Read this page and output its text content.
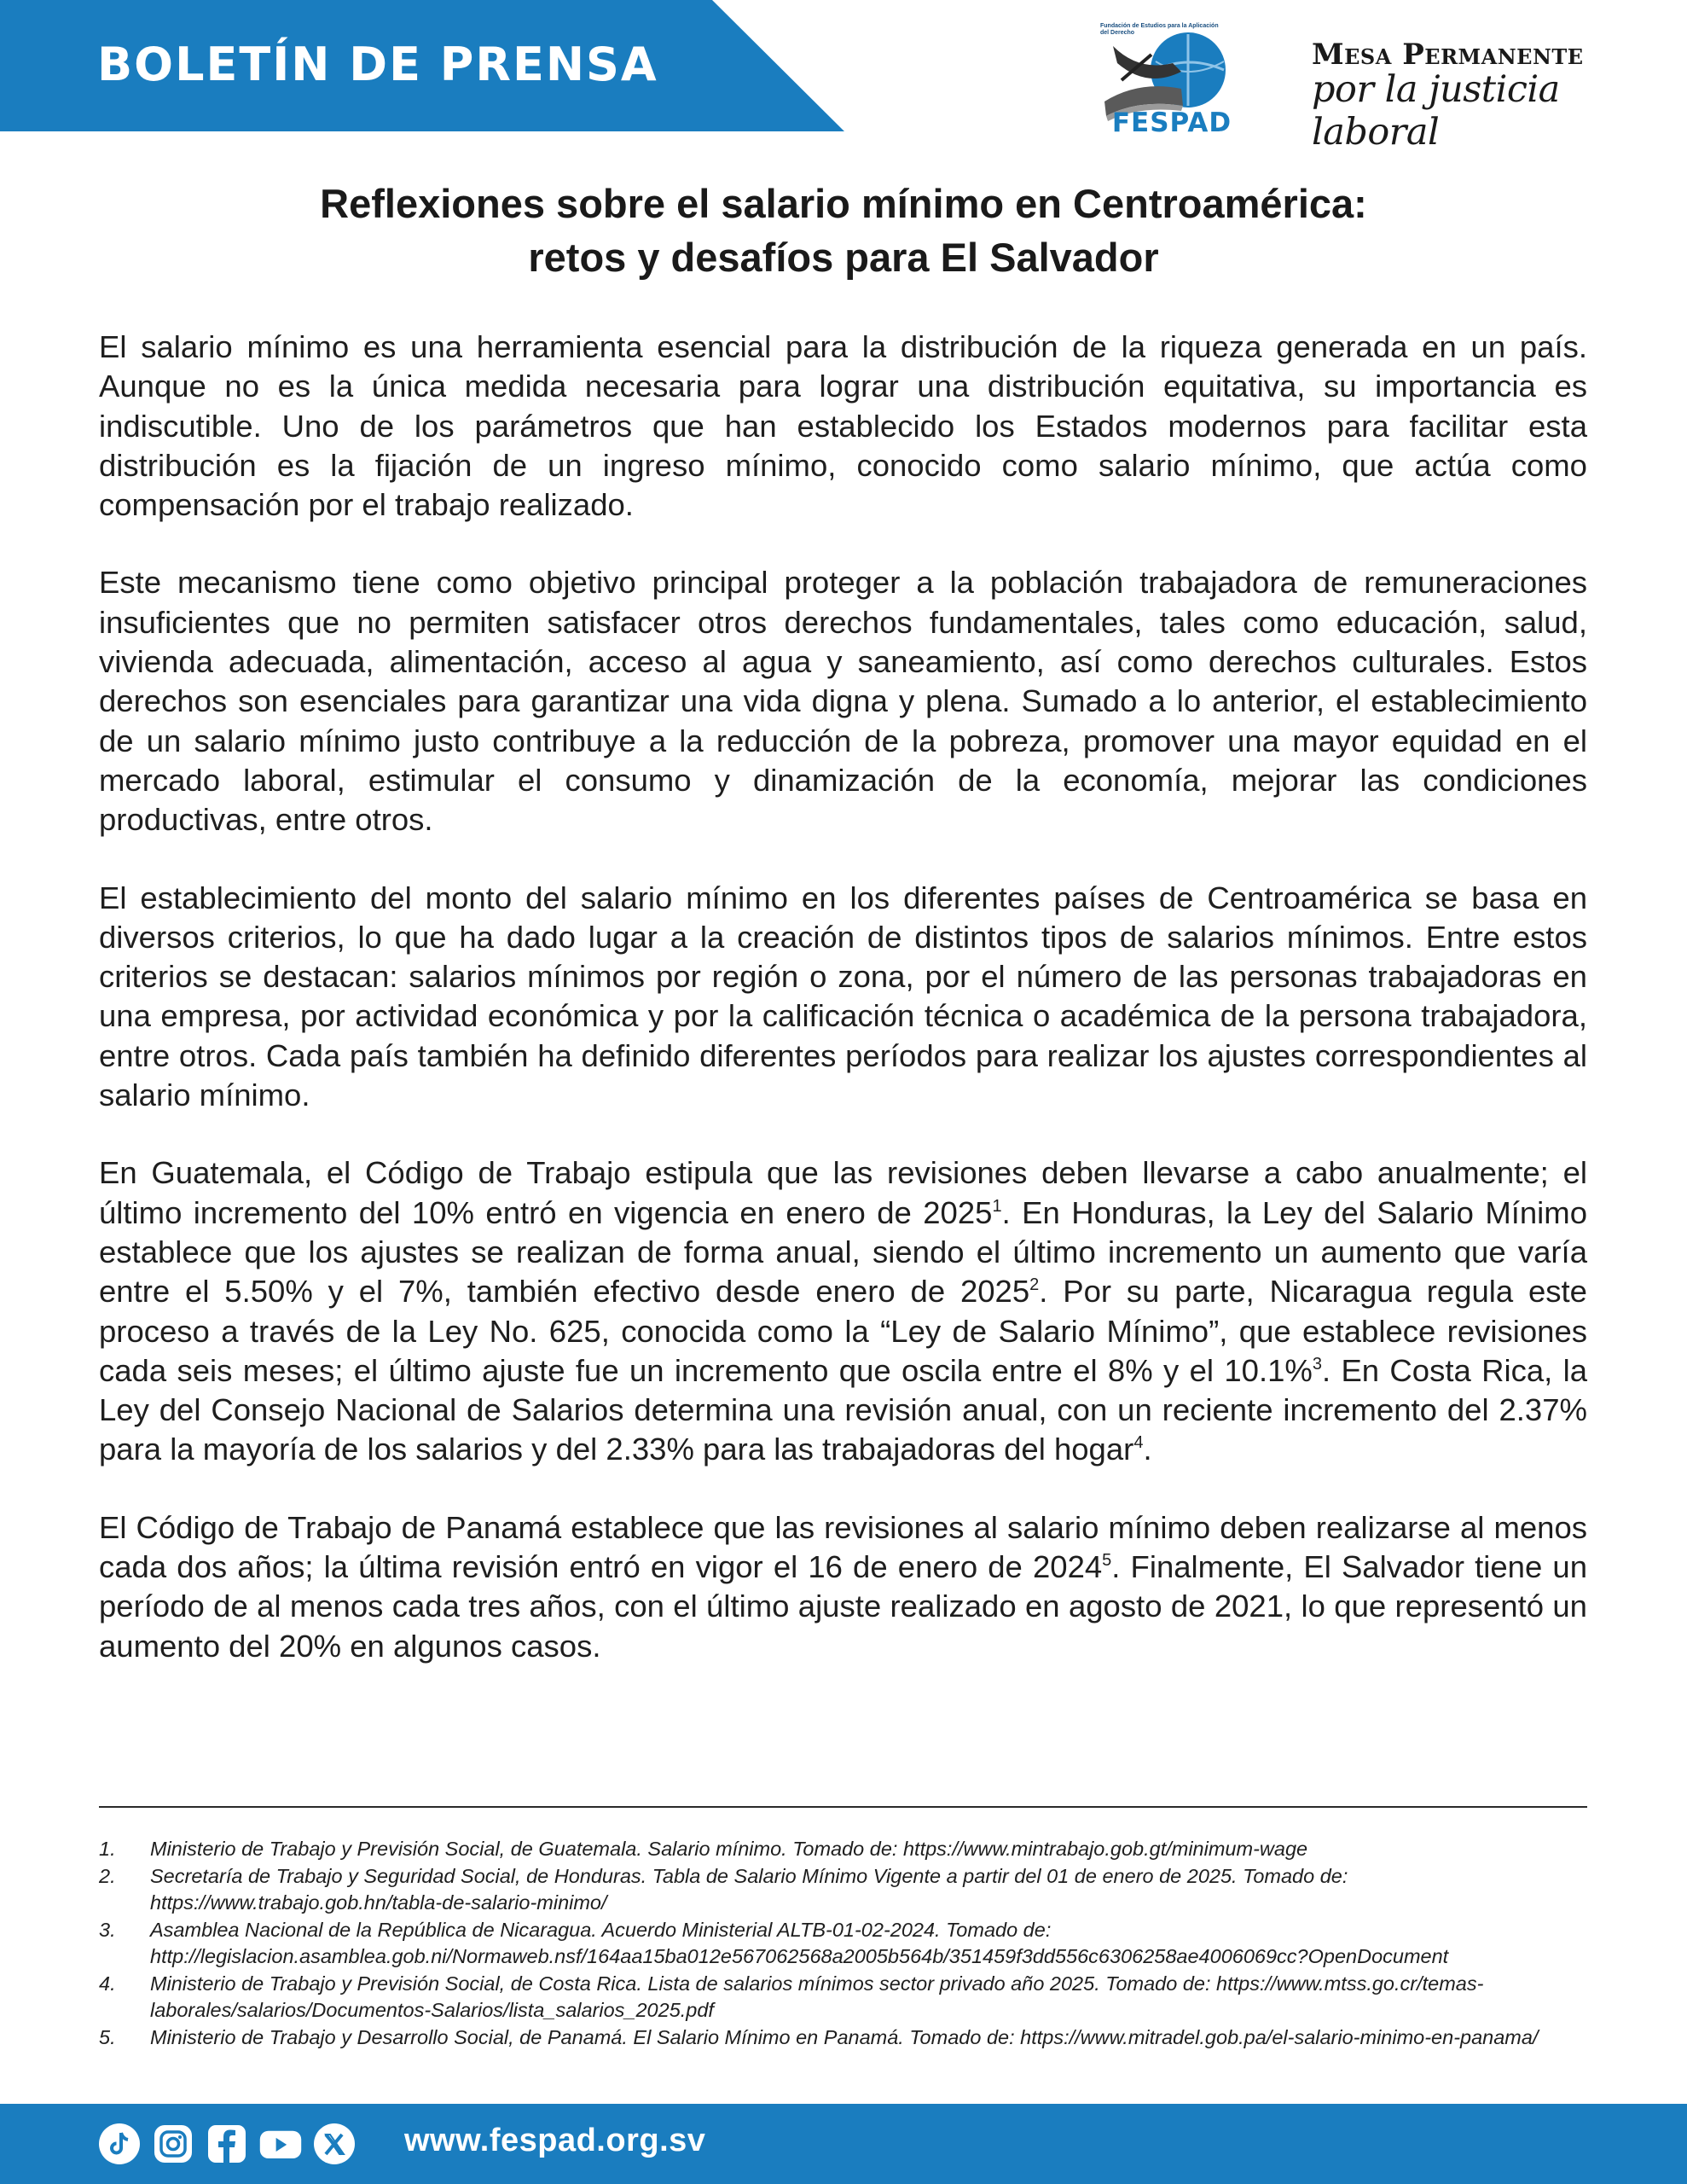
BOLETÍN DE PRENSA
Fundación de Estudios para la Aplicación del Derecho
FESPAD
Mesa Permanente
por la justicia laboral
Reflexiones sobre el salario mínimo en Centroamérica:
retos y desafíos para El Salvador

El salario mínimo es una herramienta esencial para la distribución de la riqueza generada en un país. Aunque no es la única medida necesaria para lograr una distribución equitativa, su importancia es indiscutible. Uno de los parámetros que han establecido los Estados modernos para facilitar esta distribución es la fijación de un ingreso mínimo, conocido como salario mínimo, que actúa como compensación por el trabajo realizado.

Este mecanismo tiene como objetivo principal proteger a la población trabajadora de remuneraciones insuficientes que no permiten satisfacer otros derechos fundamentales, tales como educación, salud, vivienda adecuada, alimentación, acceso al agua y saneamiento, así como derechos culturales. Estos derechos son esenciales para garantizar una vida digna y plena. Sumado a lo anterior, el establecimiento de un salario mínimo justo contribuye a la reducción de la pobreza, promover una mayor equidad en el mercado laboral, estimular el consumo y dinamización de la economía, mejorar las condiciones productivas, entre otros.

El establecimiento del monto del salario mínimo en los diferentes países de Centroamérica se basa en diversos criterios, lo que ha dado lugar a la creación de distintos tipos de salarios mínimos. Entre estos criterios se destacan: salarios mínimos por región o zona, por el número de las personas trabajadoras en una empresa, por actividad económica y por la calificación técnica o académica de la persona trabajadora, entre otros. Cada país también ha definido diferentes períodos para realizar los ajustes correspondientes al salario mínimo.

En Guatemala, el Código de Trabajo estipula que las revisiones deben llevarse a cabo anualmente; el último incremento del 10% entró en vigencia en enero de 2025$^1$. En Honduras, la Ley del Salario Mínimo establece que los ajustes se realizan de forma anual, siendo el último incremento un aumento que varía entre el 5.50% y el 7%, también efectivo desde enero de 2025$^2$. Por su parte, Nicaragua regula este proceso a través de la Ley No. 625, conocida como la “Ley de Salario Mínimo”, que establece revisiones cada seis meses; el último ajuste fue un incremento que oscila entre el 8% y el 10.1%$^3$. En Costa Rica, la Ley del Consejo Nacional de Salarios determina una revisión anual, con un reciente incremento del 2.37% para la mayoría de los salarios y del 2.33% para las trabajadoras del hogar$^4$.

El Código de Trabajo de Panamá establece que las revisiones al salario mínimo deben realizarse al menos cada dos años; la última revisión entró en vigor el 16 de enero de 2024$^5$. Finalmente, El Salvador tiene un período de al menos cada tres años, con el último ajuste realizado en agosto de 2021, lo que representó un aumento del 20% en algunos casos.

1. Ministerio de Trabajo y Previsión Social, de Guatemala. Salario mínimo. Tomado de: https://www.mintrabajo.gob.gt/minimum-wage
2. Secretaría de Trabajo y Seguridad Social, de Honduras. Tabla de Salario Mínimo Vigente a partir del 01 de enero de 2025. Tomado de: https://www.trabajo.gob.hn/tabla-de-salario-minimo/
3. Asamblea Nacional de la República de Nicaragua. Acuerdo Ministerial ALTB-01-02-2024. Tomado de: http://legislacion.asamblea.gob.ni/Normaweb.nsf/164aa15ba012e567062568a2005b564b/351459f3dd556c6306258ae4006069cc?OpenDocument
4. Ministerio de Trabajo y Previsión Social, de Costa Rica. Lista de salarios mínimos sector privado año 2025. Tomado de: https://www.mtss.go.cr/temas-laborales/salarios/Documentos-Salarios/lista_salarios_2025.pdf
5. Ministerio de Trabajo y Desarrollo Social, de Panamá. El Salario Mínimo en Panamá. Tomado de: https://www.mitradel.gob.pa/el-salario-minimo-en-panama/
www.fespad.org.sv
